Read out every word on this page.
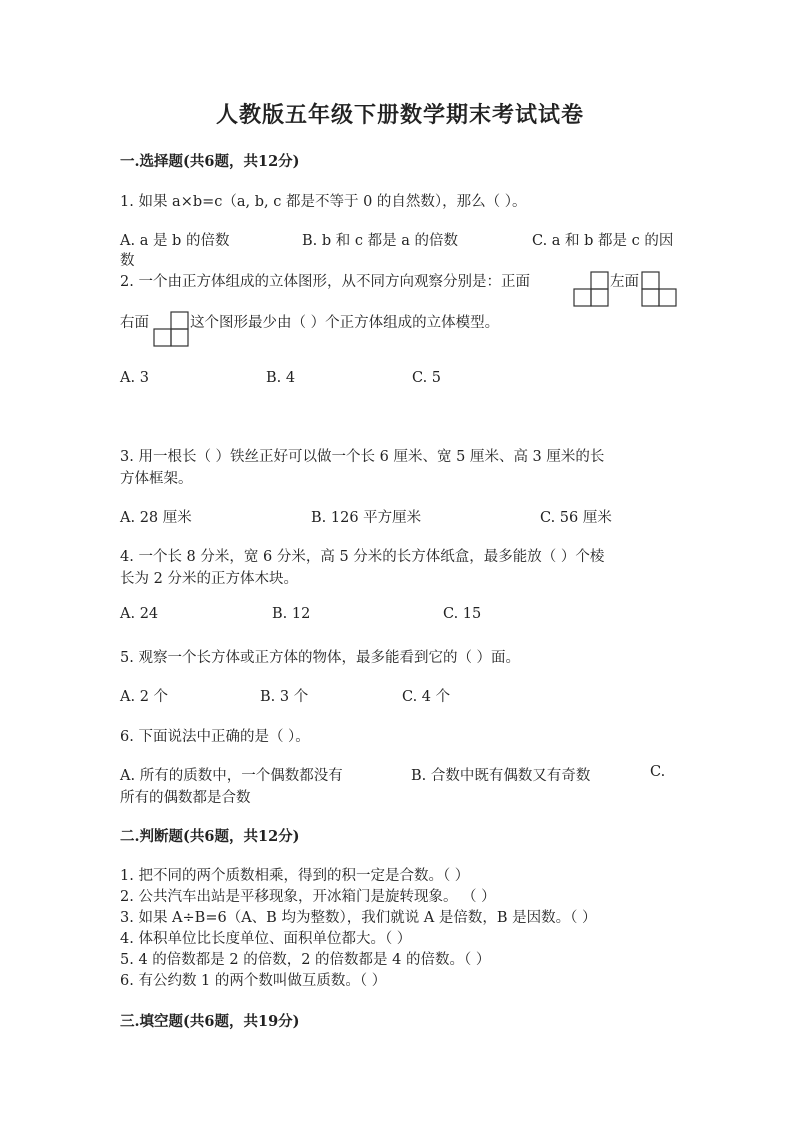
人教版五年级下册数学期末考试试卷
一.选择题(共6题，共12分)
1. 如果 a×b=c（a, b, c 都是不等于 0 的自然数），那么（ ）。
A. a 是 b 的倍数	B. b 和 c 都是 a 的倍数	C. a 和 b 都是 c 的因
数
2. 一个由正方体组成的立体图形，从不同方向观察分别是：正面	左面
右面	这个图形最少由（ ）个正方体组成的立体模型。
A. 3	B. 4	C. 5
3. 用一根长（ ）铁丝正好可以做一个长 6 厘米、宽 5 厘米、高 3 厘米的长
方体框架。
A. 28 厘米	B. 126 平方厘米	C. 56 厘米
4. 一个长 8 分米，宽 6 分米，高 5 分米的长方体纸盒，最多能放（ ）个棱
长为 2 分米的正方体木块。
A. 24	B. 12	C. 15
5. 观察一个长方体或正方体的物体，最多能看到它的（ ）面。
A. 2 个	B. 3 个	C. 4 个
6. 下面说法中正确的是（ ）。
A. 所有的质数中，一个偶数都没有	B. 合数中既有偶数又有奇数	C.
所有的偶数都是合数
二.判断题(共6题，共12分)
1. 把不同的两个质数相乘，得到的积一定是合数。（ ）
2. 公共汽车出站是平移现象，开冰箱门是旋转现象。 （ ）
3. 如果 A÷B=6（A、B 均为整数），我们就说 A 是倍数，B 是因数。（ ）
4. 体积单位比长度单位、面积单位都大。（ ）
5. 4 的倍数都是 2 的倍数，2 的倍数都是 4 的倍数。（ ）
6. 有公约数 1 的两个数叫做互质数。（ ）
三.填空题(共6题，共19分)
